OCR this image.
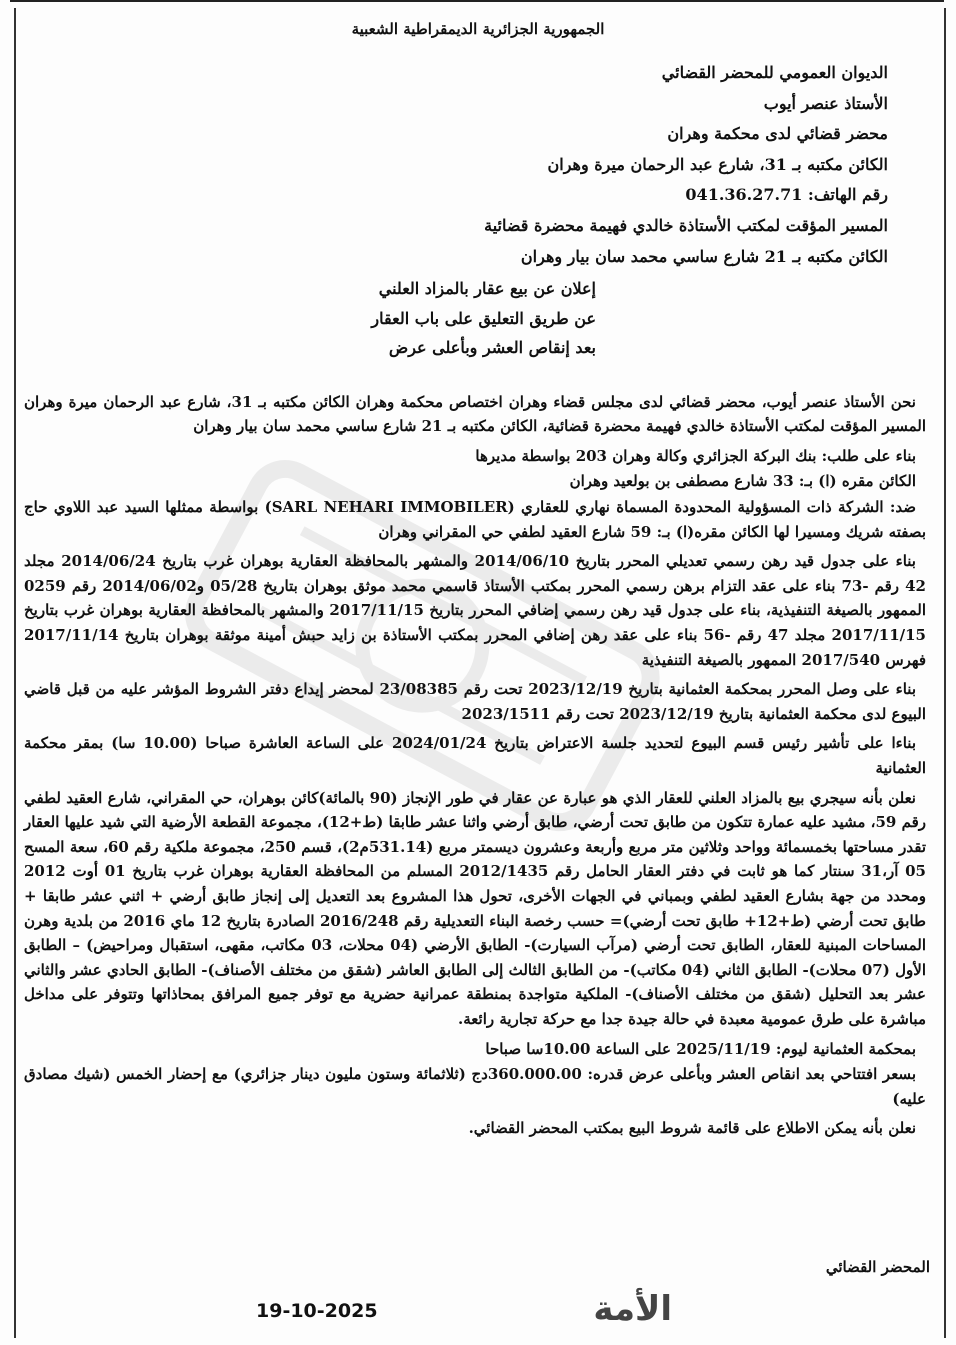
الجمهورية الجزائرية الديمقراطية الشعبية
الديوان العمومي للمحضر القضائي
الأستاذ عنصر أيوب
محضر قضائي لدى محكمة وهران
الكائن مكتبه بـ 31، شارع عبد الرحمان ميرة وهران
رقم الهاتف: 041.36.27.71
المسير المؤقت لمكتب الأستاذة خالدي فهيمة محضرة قضائية
الكائن مكتبه بـ 21 شارع ساسي محمد سان بيار وهران
إعلان عن بيع عقار بالمزاد العلني
عن طريق التعليق على باب العقار
بعد إنقاص العشر وبأعلى عرض

نحن الأستاذ عنصر أيوب، محضر قضائي لدى مجلس قضاء وهران اختصاص محكمة وهران الكائن مكتبه بـ 31، شارع عبد الرحمان ميرة وهران المسير المؤقت لمكتب الأستاذة خالدي فهيمة محضرة قضائية، الكائن مكتبه بـ 21 شارع ساسي محمد سان بيار وهران

بناء على طلب: بنك البركة الجزائري وكالة وهران 203 بواسطة مديرها

الكائن مقره (ا) بـ: 33 شارع مصطفى بن بولعيد وهران

ضد: الشركة ذات المسؤولية المحدودة المسماة نهاري للعقاري (SARL NEHARI IMMOBILER) بواسطة ممثلها السيد عبد اللاوي حاج بصفته شريك ومسيرا لها الكائن مقره(ا) بـ: 59 شارع العقيد لطفي حي المقراني وهران

بناء على جدول قيد رهن رسمي تعديلي المحرر بتاريخ 2014/06/10 والمشهر بالمحافظة العقارية بوهران غرب بتاريخ 2014/06/24 مجلد 42 رقم -73 بناء على عقد التزام برهن رسمي المحرر بمكتب الأستاذ قاسمي محمد موثق بوهران بتاريخ 05/28 و2014/06/02 رقم 0259 الممهور بالصيغة التنفيذية، بناء على جدول قيد رهن رسمي إضافي المحرر بتاريخ 2017/11/15 والمشهر بالمحافظة العقارية بوهران غرب بتاريخ 2017/11/15 مجلد 47 رقم -56 بناء على عقد رهن إضافي المحرر بمكتب الأستاذة بن زايد حبش أمينة موثقة بوهران بتاريخ 2017/11/14 فهرس 2017/540 الممهور بالصيغة التنفيذية

بناء على وصل المحرر بمحكمة العثمانية بتاريخ 2023/12/19 تحت رقم 23/08385 لمحضر إيداع دفتر الشروط المؤشر عليه من قبل قاضي البيوع لدى محكمة العثمانية بتاريخ 2023/12/19 تحت رقم 2023/1511

بناءا على تأشير رئيس قسم البيوع لتحديد جلسة الاعتراض بتاريخ 2024/01/24 على الساعة العاشرة صباحا (10.00 سا) بمقر محكمة العثمانية

نعلن بأنه سيجري بيع بالمزاد العلني للعقار الذي هو عبارة عن عقار في طور الإنجاز (90 بالمائة)كائن بوهران، حي المقراني، شارع العقيد لطفي رقم 59، مشيد عليه عمارة تتكون من طابق تحت أرضي، طابق أرضي واثنا عشر طابقا (ط+12)، مجموعة القطعة الأرضية التي شيد عليها العقار تقدر مساحتها بخمسمائة وواحد وثلاثين متر مربع وأربعة وعشرون ديسمتر مربع (531.14م2)، قسم 250، مجموعة ملكية رقم 60، سعة المسح 05 آر،31 سنتار كما هو ثابت في دفتر العقار الحامل رقم 2012/1435 المسلم من المحافظة العقارية بوهران غرب بتاريخ 01 أوت 2012 ومحدد من جهة بشارع العقيد لطفي وبمباني في الجهات الأخرى، تحول هذا المشروع بعد التعديل إلى إنجاز طابق أرضي + اثني عشر طابقا + طابق تحت أرضي (ط+12+ طابق تحت أرضي)= حسب رخصة البناء التعديلية رقم 2016/248 الصادرة بتاريخ 12 ماي 2016 من بلدية وهرن المساحات المبنية للعقار، الطابق تحت أرضي (مرآب السيارت)- الطابق الأرضي (04 محلات، 03 مكاتب، مقهى، استقبال ومراحيض) – الطابق الأول (07 محلات)- الطابق الثاني (04 مكاتب)- من الطابق الثالث إلى الطابق العاشر (شقق من مختلف الأصناف)- الطابق الحادي عشر والثاني عشر بعد التحليل (شقق من مختلف الأصناف)- الملكية متواجدة بمنطقة عمرانية حضرية مع توفر جميع المرافق بمحاذاتها وتتوفر على مداخل مباشرة على طرق عمومية معبدة في حالة جيدة جدا مع حركة تجارية رائعة.

بمحكمة العثمانية ليوم: 2025/11/19 على الساعة 10.00سا صباحا

بسعر افتتاحي بعد انقاص العشر وبأعلى عرض قدره: 360.000.00دج (ثلاثمائة وستون مليون دينار جزائري) مع إحضار الخمس (شيك مصادق عليه)

نعلن بأنه يمكن الاطلاع على قائمة شروط البيع بمكتب المحضر القضائي.

المحضر القضائي
الأمة
19-10-2025
